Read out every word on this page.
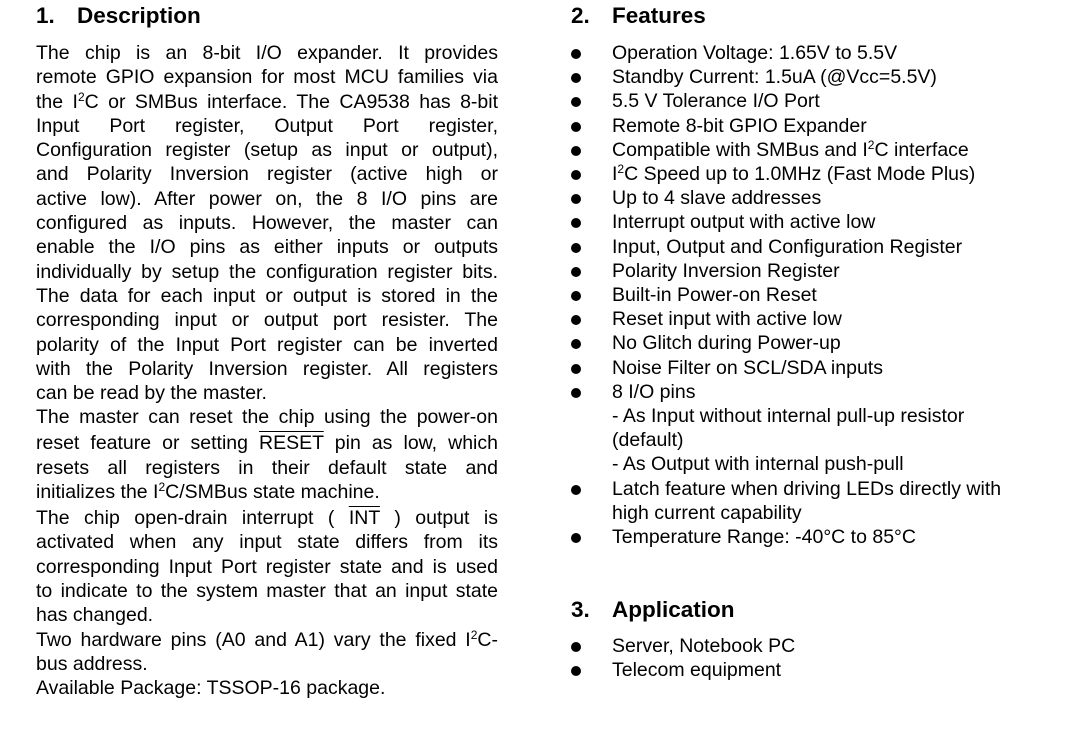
1. Description
The chip is an 8-bit I/O expander. It provides
remote GPIO expansion for most MCU families via
the $I^2C$ or SMBus interface. The CA9538 has 8-bit
Input Port register, Output Port register,
Configuration register (setup as input or output),
and Polarity Inversion register (active high or
active low). After power on, the 8 I/O pins are
configured as inputs. However, the master can
enable the I/O pins as either inputs or outputs
individually by setup the configuration register bits.
The data for each input or output is stored in the
corresponding input or output port resister. The
polarity of the Input Port register can be inverted
with the Polarity Inversion register. All registers
can be read by the master.
The master can reset the chip using the power-on
reset feature or setting RESET pin as low, which
resets all registers in their default state and
initializes the $I^2C$/SMBus state machine.
The chip open-drain interrupt ( $\overline{INT}$ ) output is
activated when any input state differs from its
corresponding Input Port register state and is used
to indicate to the system master that an input state
has changed.
Two hardware pins (A0 and A1) vary the fixed $I^2C-$
bus address.
Available Package: TSSOP-16 package.
2. Features
Operation Voltage: 1.65V to 5.5V
Standby Current: 1.5uA (@Vcc=5.5V)
5.5 V Tolerance I/O Port
Remote 8-bit GPIO Expander
Compatible with SMBus and $I^2C$ interface
$I^2C$ Speed up to 1.0MHz (Fast Mode Plus)
Up to 4 slave addresses
Interrupt output with active low
Input, Output and Configuration Register
Polarity Inversion Register
Built-in Power-on Reset
Reset input with active low
No Glitch during Power-up
Noise Filter on SCL/SDA inputs
8 I/O pins
- As Input without internal pull-up resistor
(default)
- As Output with internal push-pull
Latch feature when driving LEDs directly with
high current capability
Temperature Range: -40°C to 85°C
3. Application
Server, Notebook PC
Telecom equipment
